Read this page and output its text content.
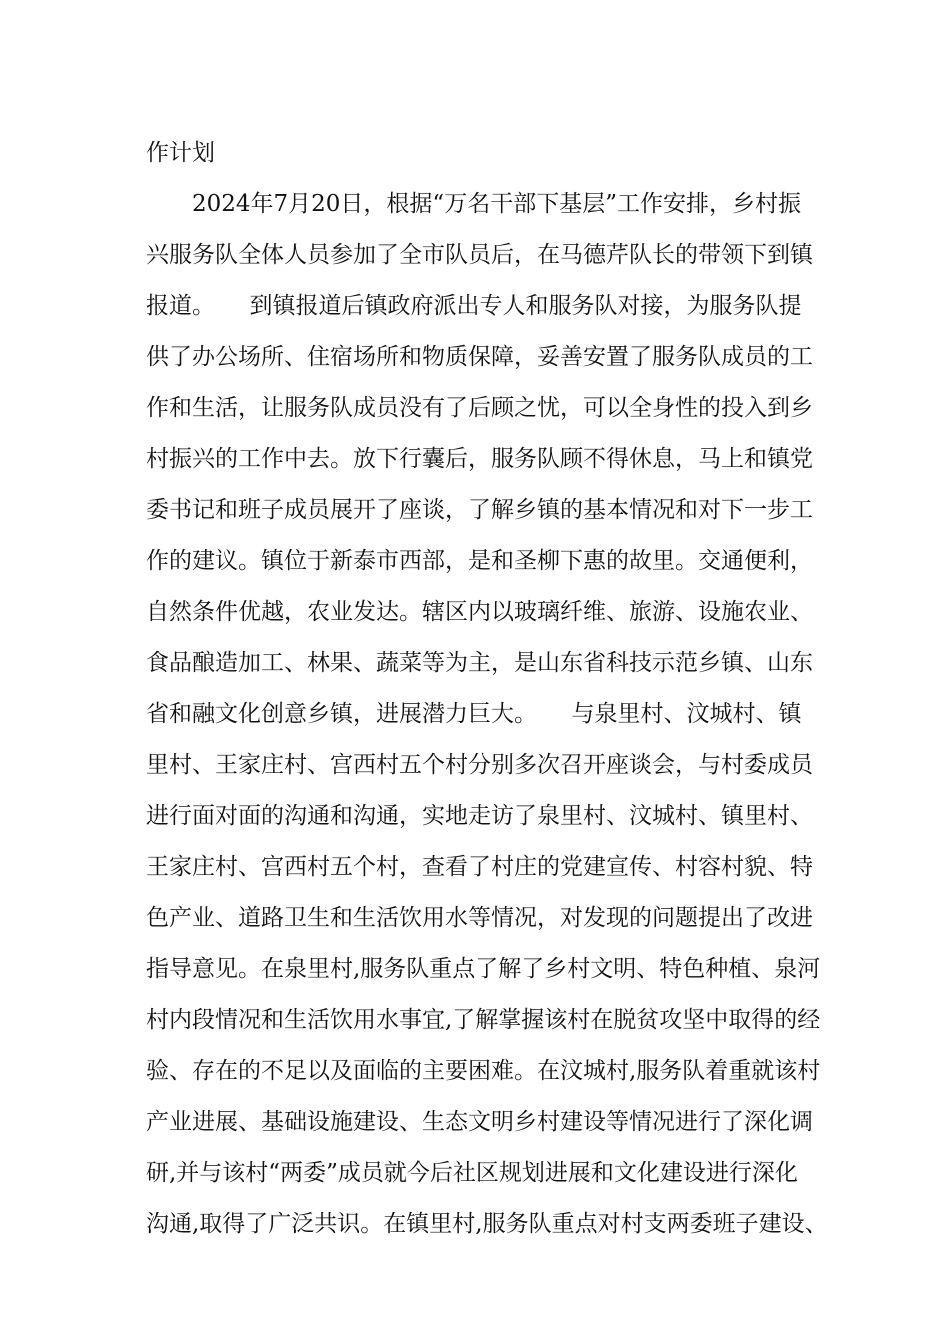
作计划
　　2024年7月20日，根据“万名干部下基层”工作安排，乡村振
兴服务队全体人员参加了全市队员后，在马德芹队长的带领下到镇
报道。　　到镇报道后镇政府派出专人和服务队对接，为服务队提
供了办公场所、住宿场所和物质保障，妥善安置了服务队成员的工
作和生活，让服务队成员没有了后顾之忧，可以全身性的投入到乡
村振兴的工作中去。放下行囊后，服务队顾不得休息，马上和镇党
委书记和班子成员展开了座谈，了解乡镇的基本情况和对下一步工
作的建议。镇位于新泰市西部，是和圣柳下惠的故里。交通便利，
自然条件优越，农业发达。辖区内以玻璃纤维、旅游、设施农业、
食品酿造加工、林果、蔬菜等为主，是山东省科技示范乡镇、山东
省和融文化创意乡镇，进展潜力巨大。　　与泉里村、汶城村、镇
里村、王家庄村、宫西村五个村分别多次召开座谈会，与村委成员
进行面对面的沟通和沟通，实地走访了泉里村、汶城村、镇里村、
王家庄村、宫西村五个村，查看了村庄的党建宣传、村容村貌、特
色产业、道路卫生和生活饮用水等情况，对发现的问题提出了改进
指导意见。在泉里村,服务队重点了解了乡村文明、特色种植、泉河
村内段情况和生活饮用水事宜,了解掌握该村在脱贫攻坚中取得的经
验、存在的不足以及面临的主要困难。在汶城村,服务队着重就该村
产业进展、基础设施建设、生态文明乡村建设等情况进行了深化调
研,并与该村“两委”成员就今后社区规划进展和文化建设进行深化
沟通,取得了广泛共识。在镇里村,服务队重点对村支两委班子建设、
